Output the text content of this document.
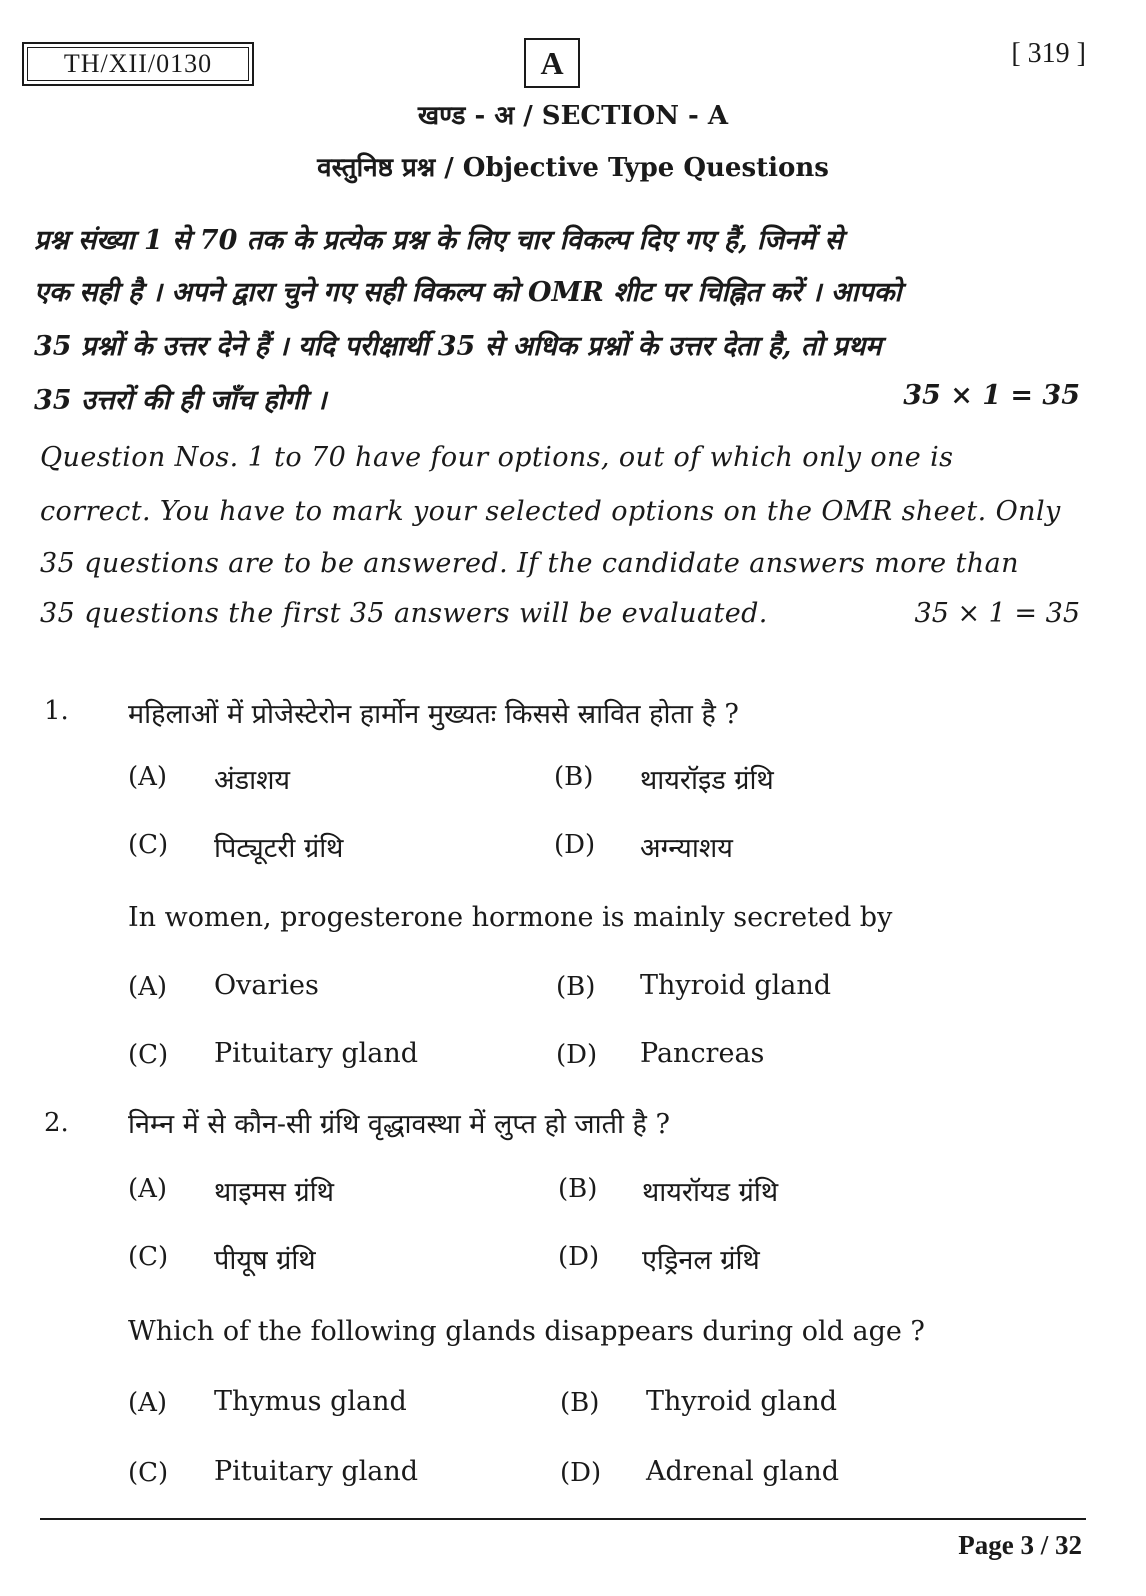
TH/XII/0130	A	[ 319 ]
खण्ड - अ / SECTION - A
वस्तुनिष्ठ प्रश्न / Objective Type Questions
प्रश्न संख्या 1 से 70 तक के प्रत्येक प्रश्न के लिए चार विकल्प दिए गए हैं, जिनमें से
एक सही है । अपने द्वारा चुने गए सही विकल्प को OMR शीट पर चिह्नित करें । आपको
35 प्रश्नों के उत्तर देने हैं । यदि परीक्षार्थी 35 से अधिक प्रश्नों के उत्तर देता है, तो प्रथम
35 उत्तरों की ही जाँच होगी ।	35 × 1 = 35
Question Nos. 1 to 70 have four options, out of which only one is
correct. You have to mark your selected options on the OMR sheet. Only
35 questions are to be answered. If the candidate answers more than
35 questions the first 35 answers will be evaluated.	35 × 1 = 35
1. महिलाओं में प्रोजेस्टेरोन हार्मोन मुख्यतः किससे स्रावित होता है ?
(A) अंडाशय	(B) थायरॉइड ग्रंथि
(C) पिट्यूटरी ग्रंथि	(D) अग्न्याशय
In women, progesterone hormone is mainly secreted by
(A) Ovaries	(B) Thyroid gland
(C) Pituitary gland	(D) Pancreas
2. निम्न में से कौन-सी ग्रंथि वृद्धावस्था में लुप्त हो जाती है ?
(A) थाइमस ग्रंथि	(B) थायरॉयड ग्रंथि
(C) पीयूष ग्रंथि	(D) एड्रिनल ग्रंथि
Which of the following glands disappears during old age ?
(A) Thymus gland	(B) Thyroid gland
(C) Pituitary gland	(D) Adrenal gland
Page 3 / 32
